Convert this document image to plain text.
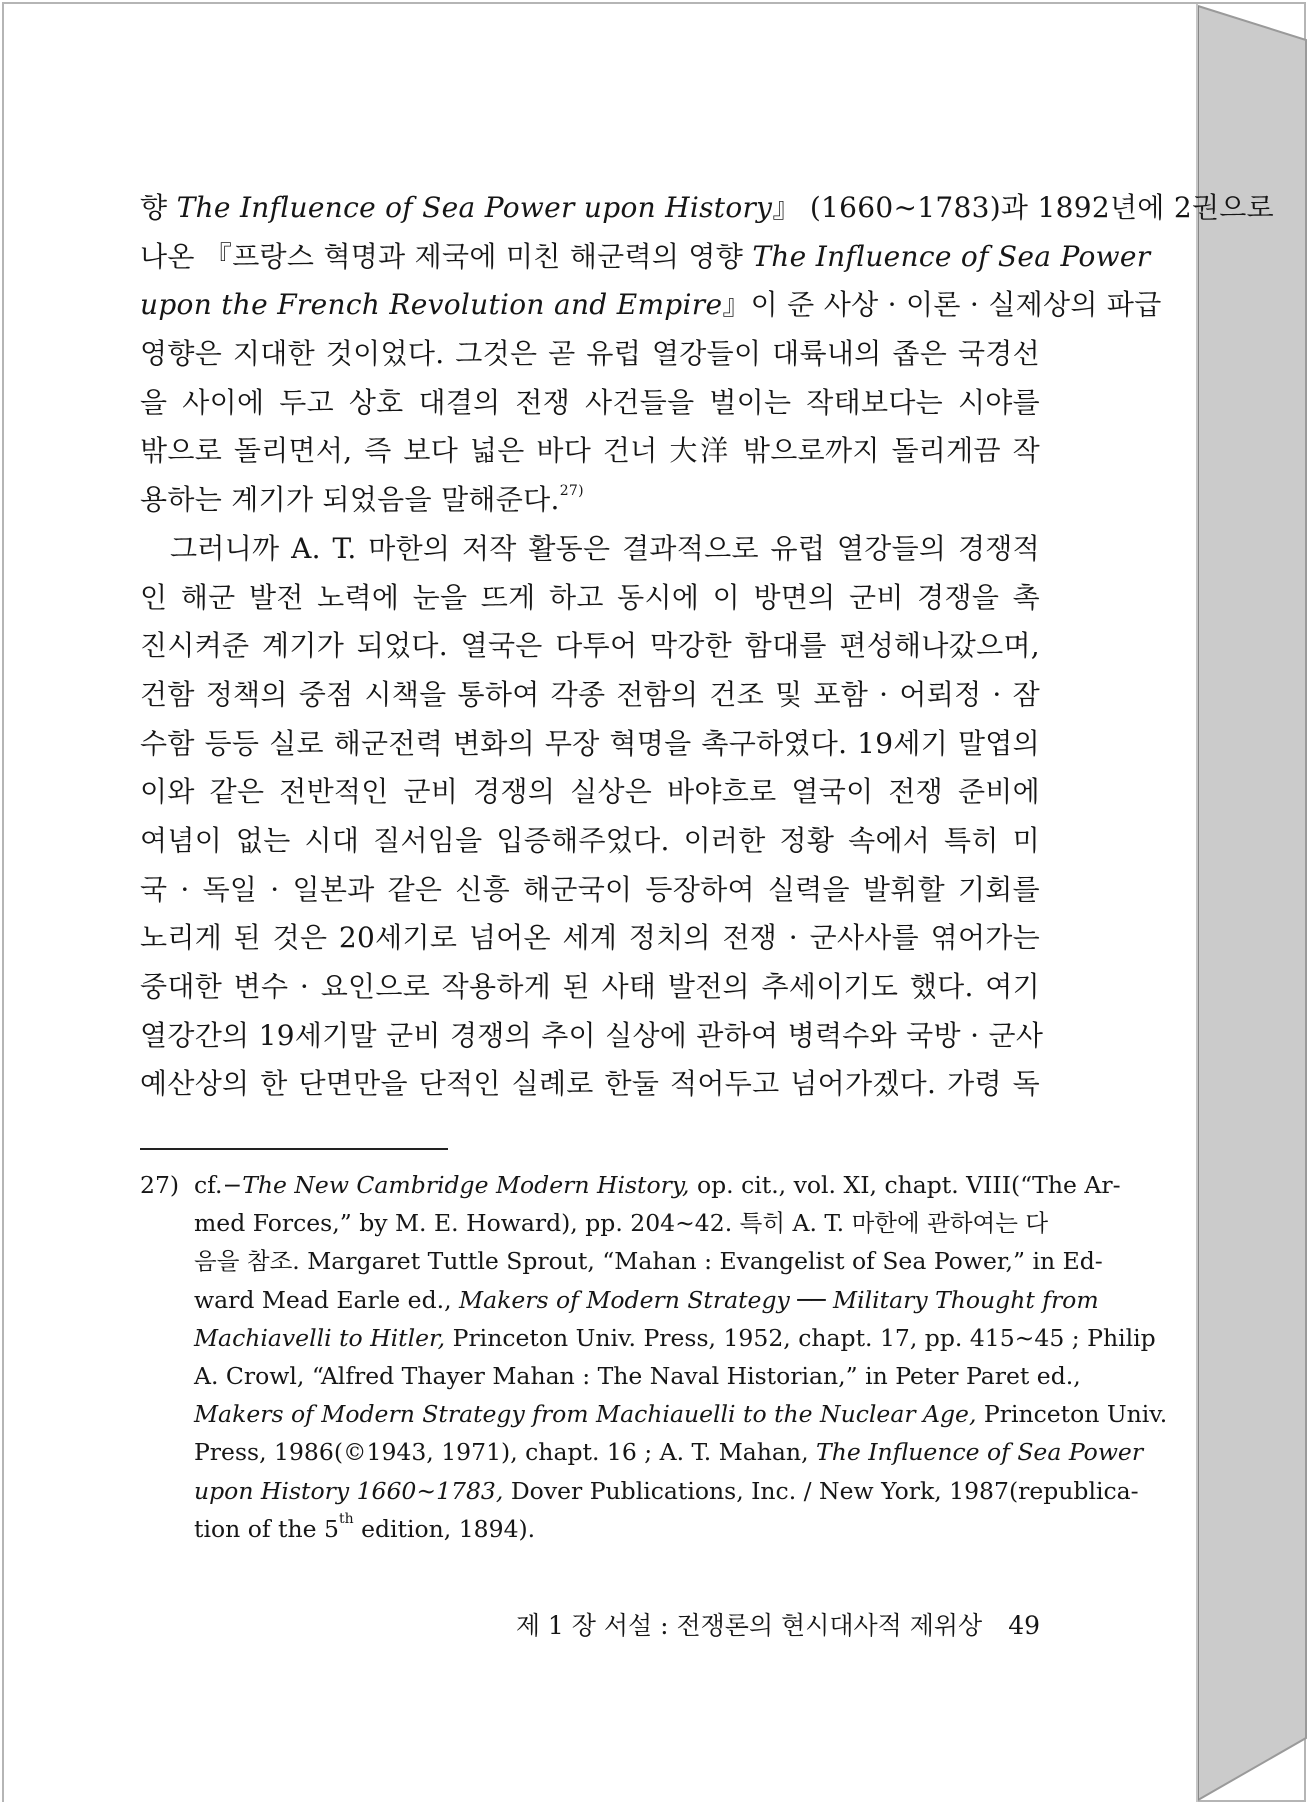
향 The Influence of Sea Power upon History』 (1660∼1783)과 1892년에 2권으로
나온 『프랑스 혁명과 제국에 미친 해군력의 영향 The Influence of Sea Power
upon the French Revolution and Empire』이 준 사상 · 이론 · 실제상의 파급
영향은 지대한 것이었다. 그것은 곧 유럽 열강들이 대륙내의 좁은 국경선
을 사이에 두고 상호 대결의 전쟁 사건들을 벌이는 작태보다는 시야를
밖으로 돌리면서, 즉 보다 넓은 바다 건너 大洋 밖으로까지 돌리게끔 작
용하는 계기가 되었음을 말해준다.$^{27)}$
그러니까 A. T. 마한의 저작 활동은 결과적으로 유럽 열강들의 경쟁적
인 해군 발전 노력에 눈을 뜨게 하고 동시에 이 방면의 군비 경쟁을 촉
진시켜준 계기가 되었다. 열국은 다투어 막강한 함대를 편성해나갔으며,
건함 정책의 중점 시책을 통하여 각종 전함의 건조 및 포함 · 어뢰정 · 잠
수함 등등 실로 해군전력 변화의 무장 혁명을 촉구하였다. 19세기 말엽의
이와 같은 전반적인 군비 경쟁의 실상은 바야흐로 열국이 전쟁 준비에
여념이 없는 시대 질서임을 입증해주었다. 이러한 정황 속에서 특히 미
국 · 독일 · 일본과 같은 신흥 해군국이 등장하여 실력을 발휘할 기회를
노리게 된 것은 20세기로 넘어온 세계 정치의 전쟁 · 군사사를 엮어가는
중대한 변수 · 요인으로 작용하게 된 사태 발전의 추세이기도 했다. 여기
열강간의 19세기말 군비 경쟁의 추이 실상에 관하여 병력수와 국방 · 군사
예산상의 한 단면만을 단적인 실례로 한둘 적어두고 넘어가겠다. 가령 독
27) cf.−The New Cambridge Modern History, op. cit., vol. XI, chapt. VIII(“The Ar-
med Forces,” by M. E. Howard), pp. 204∼42. 특히 A. T. 마한에 관하여는 다
음을 참조. Margaret Tuttle Sprout, “Mahan : Evangelist of Sea Power,” in Ed-
ward Mead Earle ed., Makers of Modern Strategy ── Military Thought from
Machiavelli to Hitler, Princeton Univ. Press, 1952, chapt. 17, pp. 415∼45 ; Philip
A. Crowl, “Alfred Thayer Mahan : The Naval Historian,” in Peter Paret ed.,
Makers of Modern Strategy from Machiauelli to the Nuclear Age, Princeton Univ.
Press, 1986(©1943, 1971), chapt. 16 ; A. T. Mahan, The Influence of Sea Power
upon History 1660∼1783, Dover Publications, Inc. / New York, 1987(republica-
tion of the 5th edition, 1894).
제 1 장 서설 : 전쟁론의 현시대사적 제위상 49
